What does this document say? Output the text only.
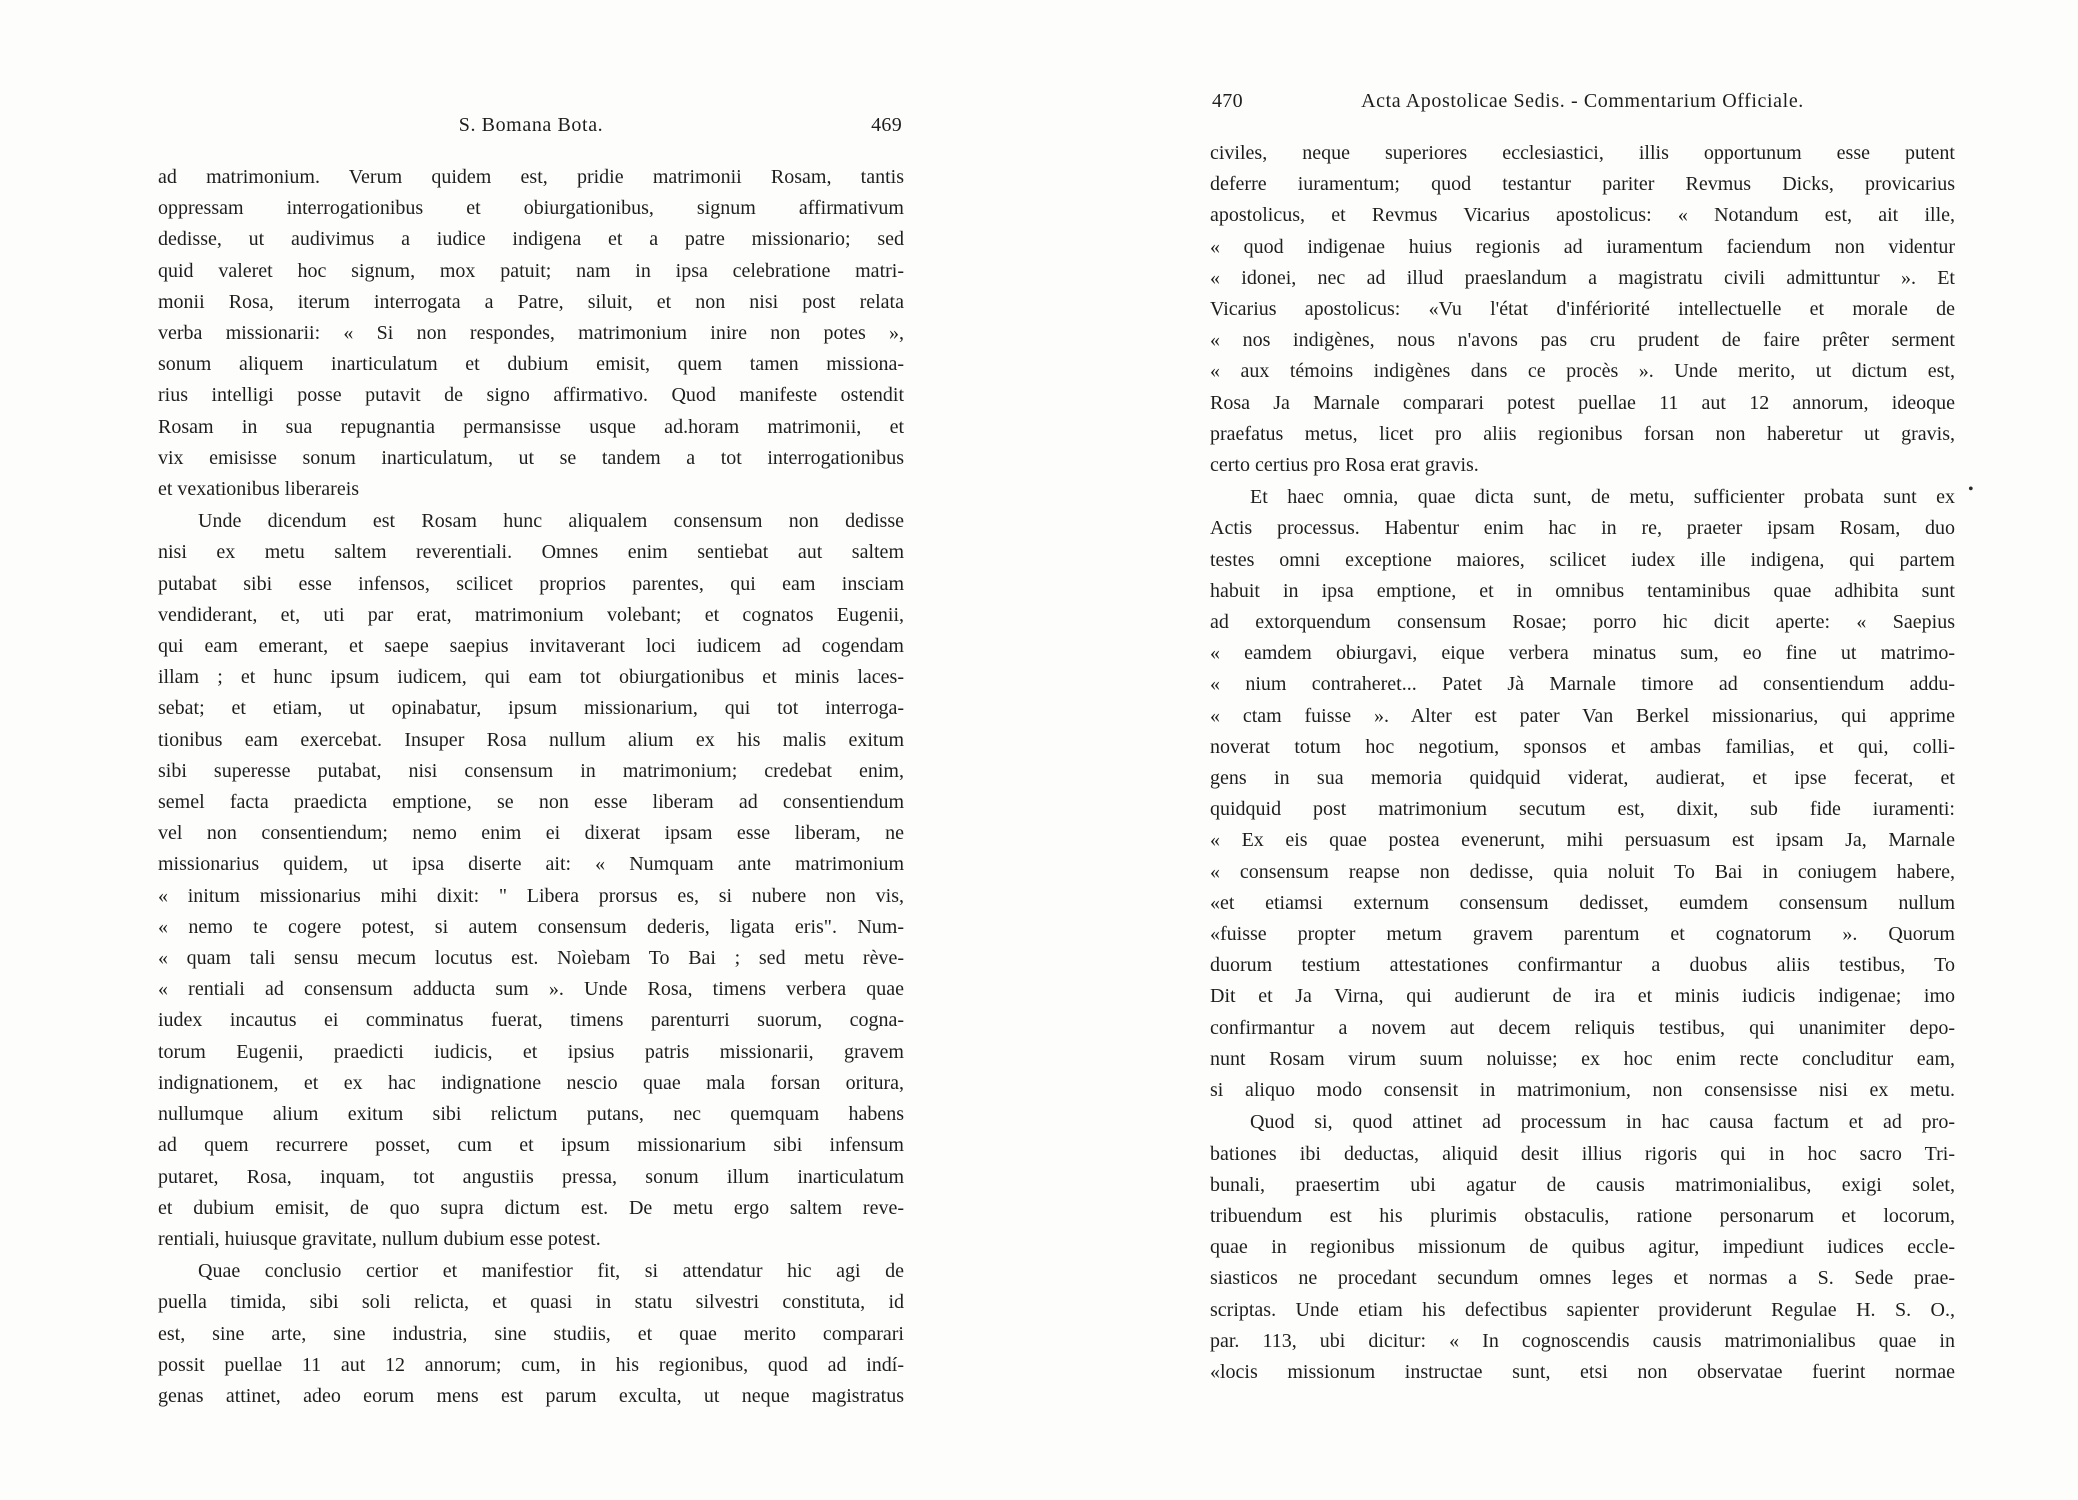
S. Bomana Bota.	469
ad matrimonium. Verum quidem est, pridie matrimonii Rosam, tantis
oppressam interrogationibus et obiurgationibus, signum affirmativum
dedisse, ut audivimus a iudice indigena et a patre missionario; sed
quid valeret hoc signum, mox patuit; nam in ipsa celebratione matri-
monii Rosa, iterum interrogata a Patre, siluit, et non nisi post relata
verba missionarii: « Si non respondes, matrimonium inire non potes »,
sonum aliquem inarticulatum et dubium emisit, quem tamen missiona-
rius intelligi posse putavit de signo affirmativo. Quod manifeste ostendit
Rosam in sua repugnantia permansisse usque ad.horam matrimonii, et
vix emisisse sonum inarticulatum, ut se tandem a tot interrogationibus
et vexationibus liberareis
Unde dicendum est Rosam hunc aliqualem consensum non dedisse
nisi ex metu saltem reverentiali. Omnes enim sentiebat aut saltem
putabat sibi esse infensos, scilicet proprios parentes, qui eam insciam
vendiderant, et, uti par erat, matrimonium volebant; et cognatos Eugenii,
qui eam emerant, et saepe saepius invitaverant loci iudicem ad cogendam
illam ; et hunc ipsum iudicem, qui eam tot obiurgationibus et minis laces-
sebat; et etiam, ut opinabatur, ipsum missionarium, qui tot interroga-
tionibus eam exercebat. Insuper Rosa nullum alium ex his malis exitum
sibi superesse putabat, nisi consensum in matrimonium; credebat enim,
semel facta praedicta emptione, se non esse liberam ad consentiendum
vel non consentiendum; nemo enim ei dixerat ipsam esse liberam, ne
missionarius quidem, ut ipsa diserte ait: « Numquam ante matrimonium
« initum missionarius mihi dixit: " Libera prorsus es, si nubere non vis,
« nemo te cogere potest, si autem consensum dederis, ligata eris". Num-
« quam tali sensu mecum locutus est. Noìebam To Bai ; sed metu rève-
« rentiali ad consensum adducta sum ». Unde Rosa, timens verbera quae
iudex incautus ei comminatus fuerat, timens parenturri suorum, cogna-
torum Eugenii, praedicti iudicis, et ipsius patris missionarii, gravem
indignationem, et ex hac indignatione nescio quae mala forsan oritura,
nullumque alium exitum sibi relictum putans, nec quemquam habens
ad quem recurrere posset, cum et ipsum missionarium sibi infensum
putaret, Rosa, inquam, tot angustiis pressa, sonum illum inarticulatum
et dubium emisit, de quo supra dictum est. De metu ergo saltem reve-
rentiali, huiusque gravitate, nullum dubium esse potest.
Quae conclusio certior et manifestior fit, si attendatur hic agi de
puella timida, sibi soli relicta, et quasi in statu silvestri constituta, id
est, sine arte, sine industria, sine studiis, et quae merito comparari
possit puellae 11 aut 12 annorum; cum, in his regionibus, quod ad indí-
genas attinet, adeo eorum mens est parum exculta, ut neque magistratus
470	Acta Apostolicae Sedis. - Commentarium Officiale.
civiles, neque superiores ecclesiastici, illis opportunum esse putent
deferre iuramentum; quod testantur pariter Revmus Dicks, provicarius
apostolicus, et Revmus Vicarius apostolicus: « Notandum est, ait ille,
« quod indigenae huius regionis ad iuramentum faciendum non videntur
« idonei, nec ad illud praeslandum a magistratu civili admittuntur ». Et
Vicarius apostolicus: «Vu l'état d'infériorité intellectuelle et morale de
« nos indigènes, nous n'avons pas cru prudent de faire prêter serment
« aux témoins indigènes dans ce procès ». Unde merito, ut dictum est,
Rosa Ja Marnale comparari potest puellae 11 aut 12 annorum, ideoque
praefatus metus, licet pro aliis regionibus forsan non haberetur ut gravis,
certo certius pro Rosa erat gravis.
Et haec omnia, quae dicta sunt, de metu, sufficienter probata sunt ex
Actis processus. Habentur enim hac in re, praeter ipsam Rosam, duo
testes omni exceptione maiores, scilicet iudex ille indigena, qui partem
habuit in ipsa emptione, et in omnibus tentaminibus quae adhibita sunt
ad extorquendum consensum Rosae; porro hic dicit aperte: « Saepius
« eamdem obiurgavi, eique verbera minatus sum, eo fine ut matrimo-
« nium contraheret... Patet Jà Marnale timore ad consentiendum addu-
« ctam fuisse ». Alter est pater Van Berkel missionarius, qui apprime
noverat totum hoc negotium, sponsos et ambas familias, et qui, colli-
gens in sua memoria quidquid viderat, audierat, et ipse fecerat, et
quidquid post matrimonium secutum est, dixit, sub fide iuramenti:
« Ex eis quae postea evenerunt, mihi persuasum est ipsam Ja, Marnale
« consensum reapse non dedisse, quia noluit To Bai in coniugem habere,
«et etiamsi externum consensum dedisset, eumdem consensum nullum
«fuisse propter metum gravem parentum et cognatorum ». Quorum
duorum testium attestationes confirmantur a duobus aliis testibus, To
Dit et Ja Virna, qui audierunt de ira et minis iudicis indigenae; imo
confirmantur a novem aut decem reliquis testibus, qui unanimiter depo-
nunt Rosam virum suum noluisse; ex hoc enim recte concluditur eam,
si aliquo modo consensit in matrimonium, non consensisse nisi ex metu.
Quod si, quod attinet ad processum in hac causa factum et ad pro-
bationes ibi deductas, aliquid desit illius rigoris qui in hoc sacro Tri-
bunali, praesertim ubi agatur de causis matrimonialibus, exigi solet,
tribuendum est his plurimis obstaculis, ratione personarum et locorum,
quae in regionibus missionum de quibus agitur, impediunt iudices eccle-
siasticos ne procedant secundum omnes leges et normas a S. Sede prae-
scriptas. Unde etiam his defectibus sapienter providerunt Regulae H. S. O.,
par. 113, ubi dicitur: « In cognoscendis causis matrimonialibus quae in
«locis missionum instructae sunt, etsi non observatae fuerint normae
•
